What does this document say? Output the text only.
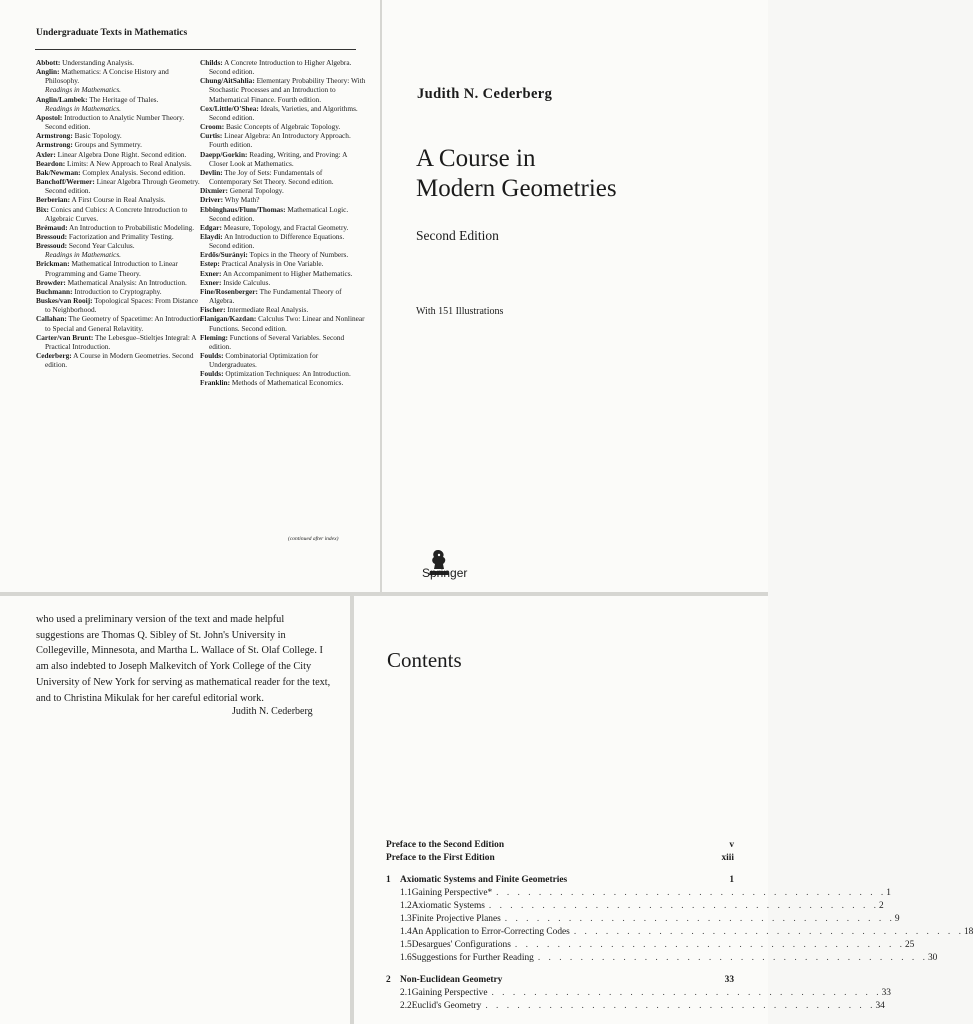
Undergraduate Texts in Mathematics
Abbott: Understanding Analysis.
Anglin: Mathematics: A Concise History and Philosophy.
Readings in Mathematics.
Anglin/Lambek: The Heritage of Thales.
Readings in Mathematics.
Apostol: Introduction to Analytic Number Theory. Second edition.
Armstrong: Basic Topology.
Armstrong: Groups and Symmetry.
Axler: Linear Algebra Done Right. Second edition.
Beardon: Limits: A New Approach to Real Analysis.
Bak/Newman: Complex Analysis. Second edition.
Banchoff/Wermer: Linear Algebra Through Geometry. Second edition.
Berberian: A First Course in Real Analysis.
Bix: Conics and Cubics: A Concrete Introduction to Algebraic Curves.
Brémaud: An Introduction to Probabilistic Modeling.
Bressoud: Factorization and Primality Testing.
Bressoud: Second Year Calculus.
Readings in Mathematics.
Brickman: Mathematical Introduction to Linear Programming and Game Theory.
Browder: Mathematical Analysis: An Introduction.
Buchmann: Introduction to Cryptography.
Buskes/van Rooij: Topological Spaces: From Distance to Neighborhood.
Callahan: The Geometry of Spacetime: An Introduction to Special and General Relavitity.
Carter/van Brunt: The Lebesgue–Stieltjes Integral: A Practical Introduction.
Cederberg: A Course in Modern Geometries. Second edition.
Childs: A Concrete Introduction to Higher Algebra. Second edition.
Chung/AitSahlia: Elementary Probability Theory: With Stochastic Processes and an Introduction to Mathematical Finance. Fourth edition.
Cox/Little/O'Shea: Ideals, Varieties, and Algorithms. Second edition.
Croom: Basic Concepts of Algebraic Topology.
Curtis: Linear Algebra: An Introductory Approach. Fourth edition.
Daepp/Gorkin: Reading, Writing, and Proving: A Closer Look at Mathematics.
Devlin: The Joy of Sets: Fundamentals of Contemporary Set Theory. Second edition.
Dixmier: General Topology.
Driver: Why Math?
Ebbinghaus/Flum/Thomas: Mathematical Logic. Second edition.
Edgar: Measure, Topology, and Fractal Geometry.
Elaydi: An Introduction to Difference Equations. Second edition.
Erdős/Surányi: Topics in the Theory of Numbers.
Estep: Practical Analysis in One Variable.
Exner: An Accompaniment to Higher Mathematics.
Exner: Inside Calculus.
Fine/Rosenberger: The Fundamental Theory of Algebra.
Fischer: Intermediate Real Analysis.
Flanigan/Kazdan: Calculus Two: Linear and Nonlinear Functions. Second edition.
Fleming: Functions of Several Variables. Second edition.
Foulds: Combinatorial Optimization for Undergraduates.
Foulds: Optimization Techniques: An Introduction.
Franklin: Methods of Mathematical Economics.
(continued after index)
Judith N. Cederberg
A Course in
Modern Geometries
Second Edition
With 151 Illustrations
Springer
who used a preliminary version of the text and made helpful suggestions are Thomas Q. Sibley of St. John's University in Collegeville, Minnesota, and Martha L. Wallace of St. Olaf College. I am also indebted to Joseph Malkevitch of York College of the City University of New York for serving as mathematical reader for the text, and to Christina Mikulak for her careful editorial work.
Judith N. Cederberg
Contents
Preface to the Second Edition	v
Preface to the First Edition	xiii
1 Axiomatic Systems and Finite Geometries	1
1.1 Gaining Perspective* . . . . . . . . . . . . . . . . . . . . . . . . . . . . . . . . . . . . . 1
1.2 Axiomatic Systems . . . . . . . . . . . . . . . . . . . . . . . . . . . . . . . . . . . . . 2
1.3 Finite Projective Planes . . . . . . . . . . . . . . . . . . . . . . . . . . . . . . . . . . . . . 9
1.4 An Application to Error-Correcting Codes . . . . . . . . . . . . . . . . . . . . . . . . . . . . . . . . . . . . . 18
1.5 Desargues' Configurations . . . . . . . . . . . . . . . . . . . . . . . . . . . . . . . . . . . . . 25
1.6 Suggestions for Further Reading . . . . . . . . . . . . . . . . . . . . . . . . . . . . . . . . . . . . . 30
2 Non-Euclidean Geometry	33
2.1 Gaining Perspective . . . . . . . . . . . . . . . . . . . . . . . . . . . . . . . . . . . . . 33
2.2 Euclid's Geometry . . . . . . . . . . . . . . . . . . . . . . . . . . . . . . . . . . . . . 34
